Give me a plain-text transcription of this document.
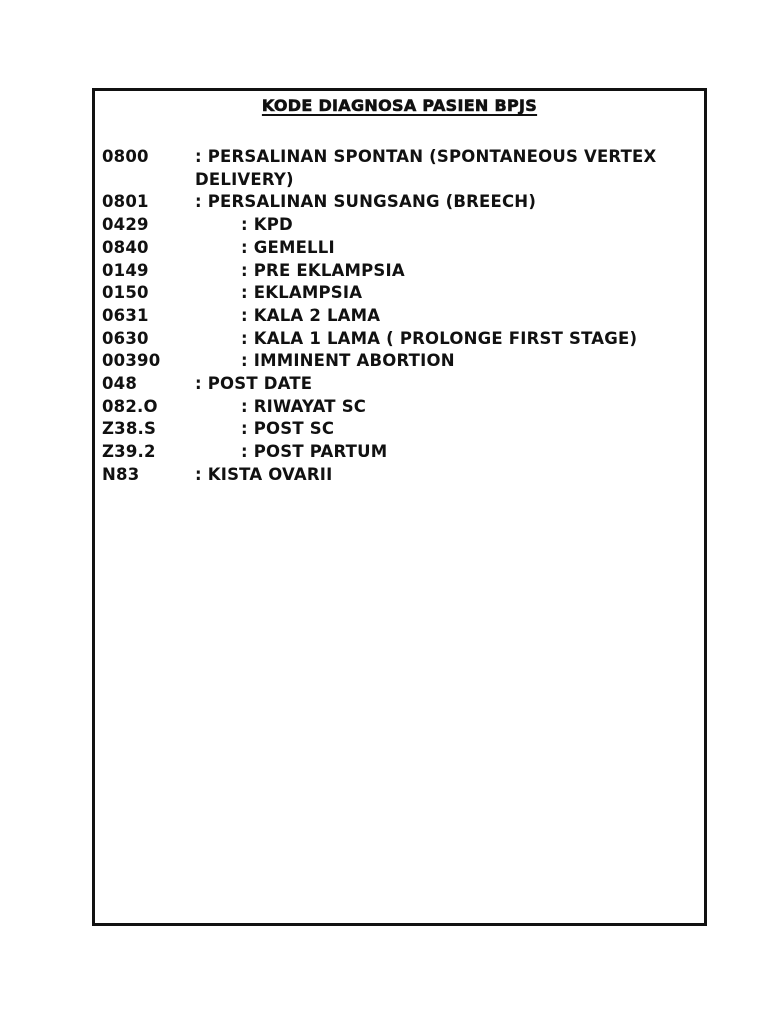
KODE DIAGNOSA PASIEN BPJS
0800	: PERSALINAN SPONTAN (SPONTANEOUS VERTEX
DELIVERY)
0801	: PERSALINAN SUNGSANG (BREECH)
0429	: KPD
0840	: GEMELLI
0149	: PRE EKLAMPSIA
0150	: EKLAMPSIA
0631	: KALA 2 LAMA
0630	: KALA 1 LAMA ( PROLONGE FIRST STAGE)
00390	: IMMINENT ABORTION
048	: POST DATE
082.O	: RIWAYAT SC
Z38.S	: POST SC
Z39.2	: POST PARTUM
N83	: KISTA OVARII
